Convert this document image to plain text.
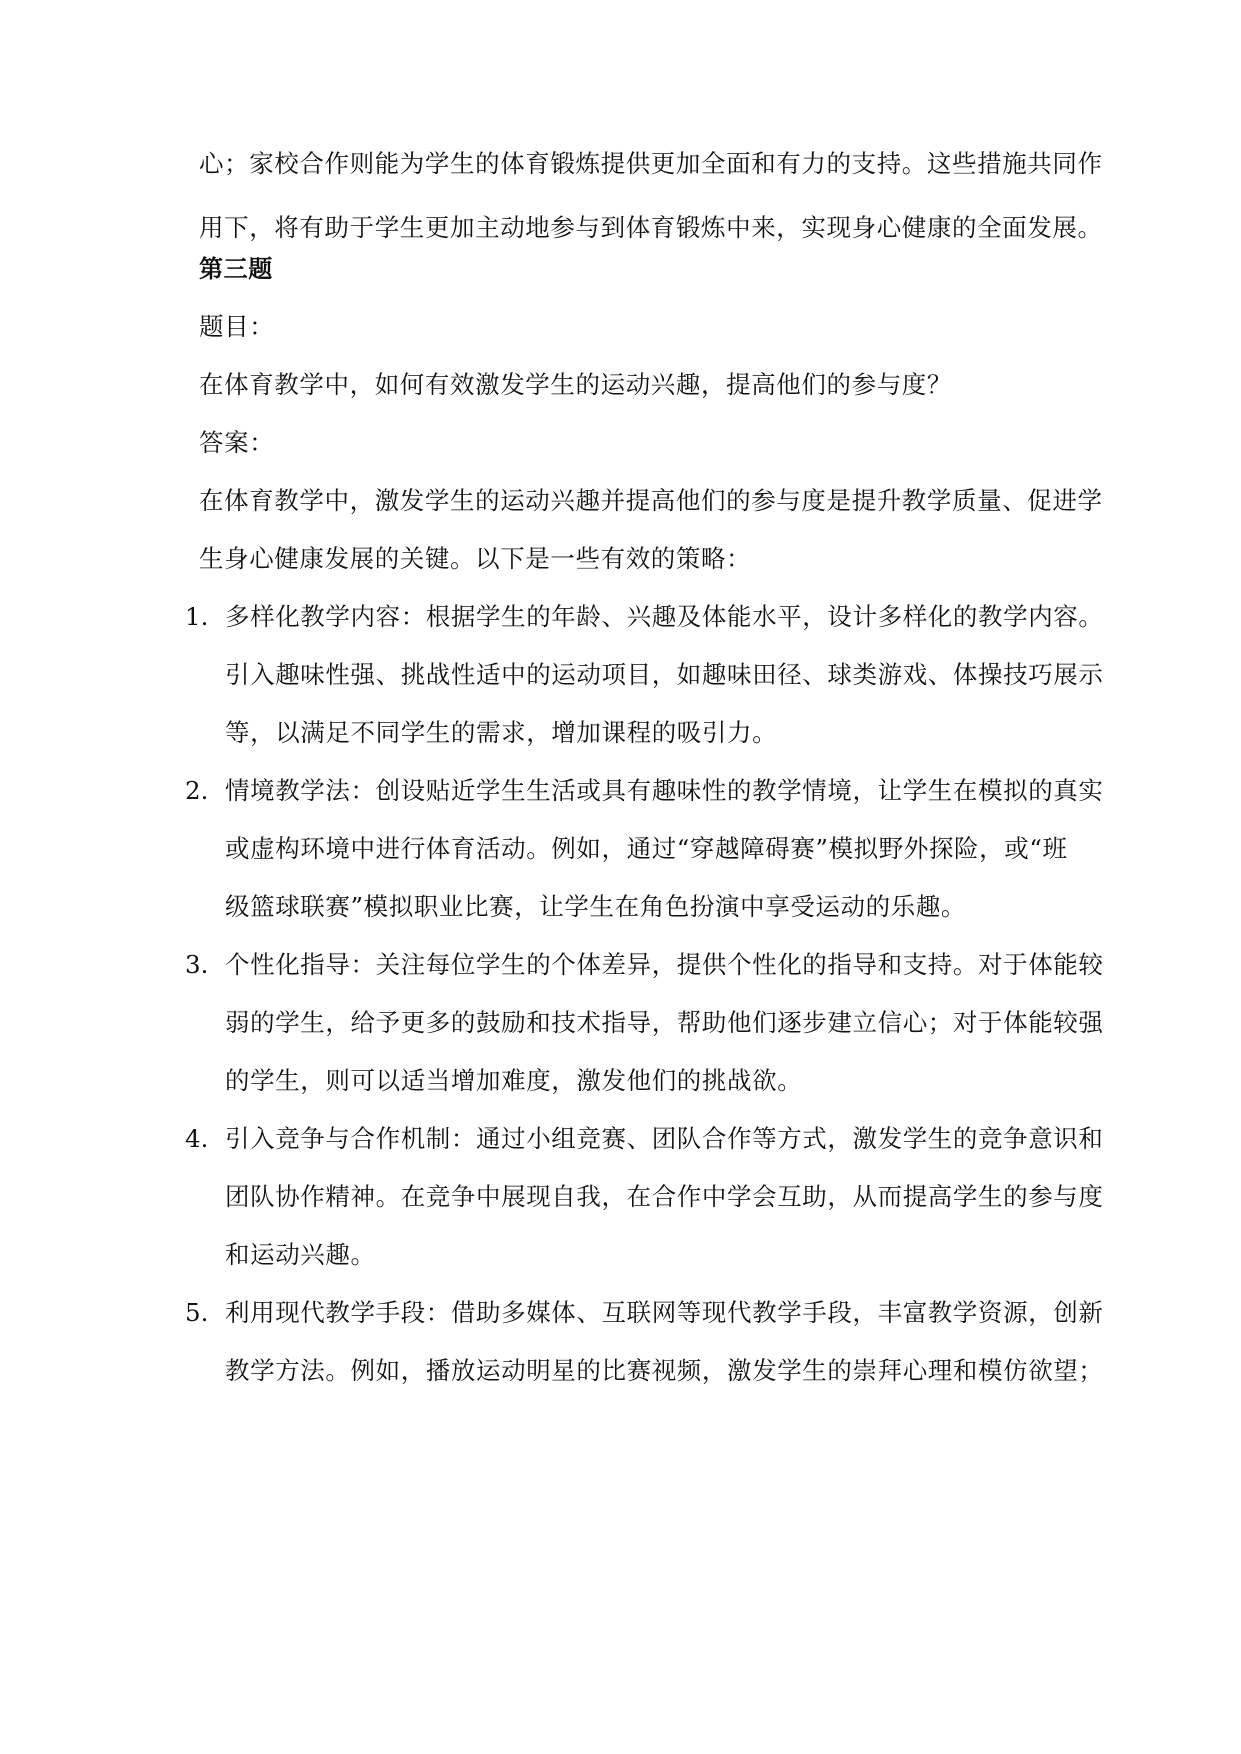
心；家校合作则能为学生的体育锻炼提供更加全面和有力的支持。这些措施共同作
用下，将有助于学生更加主动地参与到体育锻炼中来，实现身心健康的全面发展。
第三题
题目：
在体育教学中，如何有效激发学生的运动兴趣，提高他们的参与度？
答案：
在体育教学中，激发学生的运动兴趣并提高他们的参与度是提升教学质量、促进学
生身心健康发展的关键。以下是一些有效的策略：
1. 多样化教学内容：根据学生的年龄、兴趣及体能水平，设计多样化的教学内容。
引入趣味性强、挑战性适中的运动项目，如趣味田径、球类游戏、体操技巧展示
等，以满足不同学生的需求，增加课程的吸引力。
2. 情境教学法：创设贴近学生生活或具有趣味性的教学情境，让学生在模拟的真实
或虚构环境中进行体育活动。例如，通过“穿越障碍赛”模拟野外探险，或“班
级篮球联赛”模拟职业比赛，让学生在角色扮演中享受运动的乐趣。
3. 个性化指导：关注每位学生的个体差异，提供个性化的指导和支持。对于体能较
弱的学生，给予更多的鼓励和技术指导，帮助他们逐步建立信心；对于体能较强
的学生，则可以适当增加难度，激发他们的挑战欲。
4. 引入竞争与合作机制：通过小组竞赛、团队合作等方式，激发学生的竞争意识和
团队协作精神。在竞争中展现自我，在合作中学会互助，从而提高学生的参与度
和运动兴趣。
5. 利用现代教学手段：借助多媒体、互联网等现代教学手段，丰富教学资源，创新
教学方法。例如，播放运动明星的比赛视频，激发学生的崇拜心理和模仿欲望；
